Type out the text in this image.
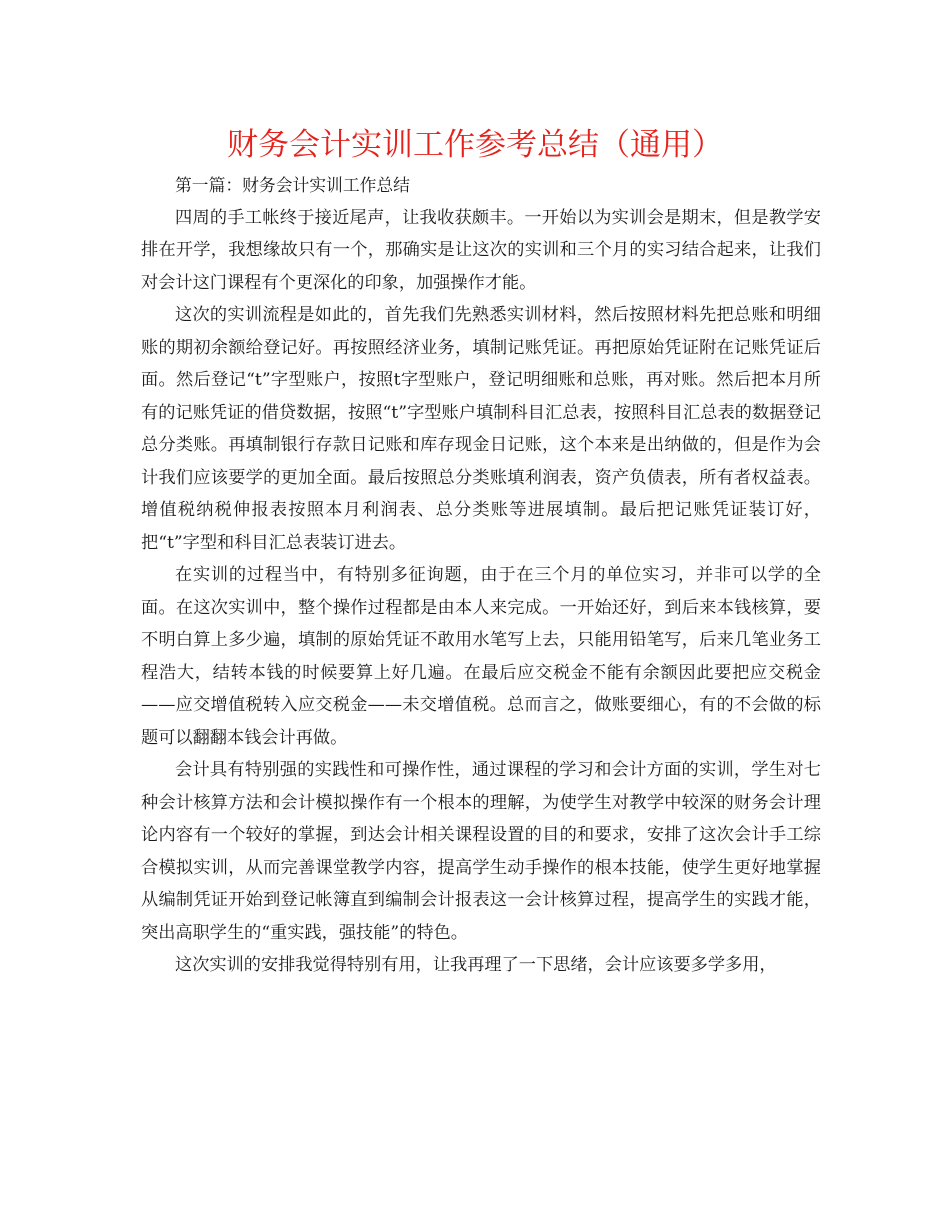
财务会计实训工作参考总结（通用）

第一篇：财务会计实训工作总结

四周的手工帐终于接近尾声，让我收获颇丰。一开始以为实训会是期末，但是教学安排在开学，我想缘故只有一个，那确实是让这次的实训和三个月的实习结合起来，让我们对会计这门课程有个更深化的印象，加强操作才能。

这次的实训流程是如此的，首先我们先熟悉实训材料，然后按照材料先把总账和明细账的期初余额给登记好。再按照经济业务，填制记账凭证。再把原始凭证附在记账凭证后面。然后登记“t”字型账户，按照t字型账户，登记明细账和总账，再对账。然后把本月所有的记账凭证的借贷数据，按照“t”字型账户填制科目汇总表，按照科目汇总表的数据登记总分类账。再填制银行存款日记账和库存现金日记账，这个本来是出纳做的，但是作为会计我们应该要学的更加全面。最后按照总分类账填利润表，资产负债表，所有者权益表。增值税纳税伸报表按照本月利润表、总分类账等进展填制。最后把记账凭证装订好，把“t”字型和科目汇总表装订进去。

在实训的过程当中，有特别多征询题，由于在三个月的单位实习，并非可以学的全面。在这次实训中，整个操作过程都是由本人来完成。一开始还好，到后来本钱核算，要不明白算上多少遍，填制的原始凭证不敢用水笔写上去，只能用铅笔写，后来几笔业务工程浩大，结转本钱的时候要算上好几遍。在最后应交税金不能有余额因此要把应交税金——应交增值税转入应交税金——未交增值税。总而言之，做账要细心，有的不会做的标题可以翻翻本钱会计再做。

会计具有特别强的实践性和可操作性，通过课程的学习和会计方面的实训，学生对七种会计核算方法和会计模拟操作有一个根本的理解，为使学生对教学中较深的财务会计理论内容有一个较好的掌握，到达会计相关课程设置的目的和要求，安排了这次会计手工综合模拟实训，从而完善课堂教学内容，提高学生动手操作的根本技能，使学生更好地掌握从编制凭证开始到登记帐簿直到编制会计报表这一会计核算过程，提高学生的实践才能，突出高职学生的“重实践，强技能”的特色。

这次实训的安排我觉得特别有用，让我再理了一下思绪，会计应该要多学多用，
